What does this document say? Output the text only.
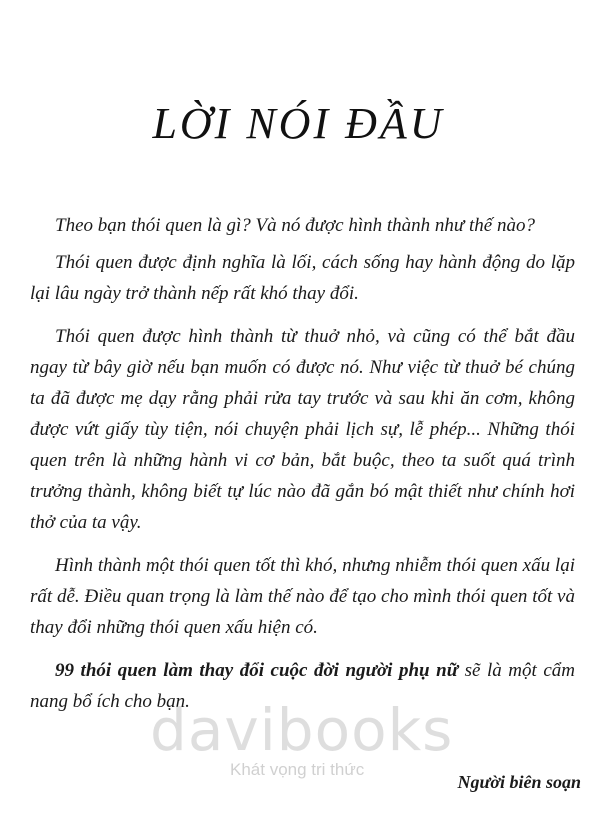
LỜI NÓI ĐẦU

Theo bạn thói quen là gì? Và nó được hình thành như thế nào?

Thói quen được định nghĩa là lối, cách sống hay hành động do lặp lại lâu ngày trở thành nếp rất khó thay đổi.

Thói quen được hình thành từ thuở nhỏ, và cũng có thể bắt đầu ngay từ bây giờ nếu bạn muốn có được nó. Như việc từ thuở bé chúng ta đã được mẹ dạy rằng phải rửa tay trước và sau khi ăn cơm, không được vứt giấy tùy tiện, nói chuyện phải lịch sự, lễ phép... Những thói quen trên là những hành vi cơ bản, bắt buộc, theo ta suốt quá trình trưởng thành, không biết tự lúc nào đã gắn bó mật thiết như chính hơi thở của ta vậy.

Hình thành một thói quen tốt thì khó, nhưng nhiễm thói quen xấu lại rất dễ. Điều quan trọng là làm thế nào để tạo cho mình thói quen tốt và thay đổi những thói quen xấu hiện có.

99 thói quen làm thay đổi cuộc đời người phụ nữ sẽ là một cẩm nang bổ ích cho bạn.

davibooks
Khát vọng tri thức
Người biên soạn
